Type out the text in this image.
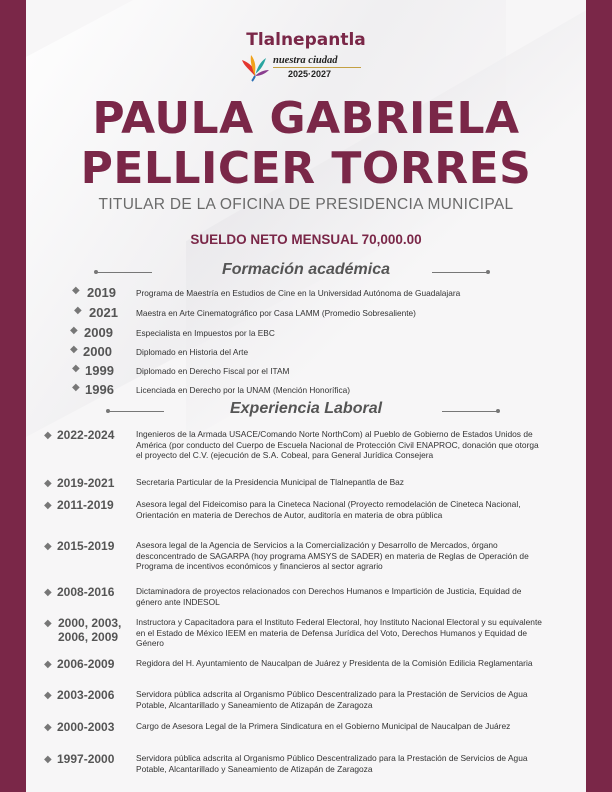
Tlalnepantla
nuestra ciudad
2025·2027
PAULA GABRIELA
PELLICER TORRES
TITULAR DE LA OFICINA DE PRESIDENCIA MUNICIPAL
SUELDO NETO MENSUAL 70,000.00
Formación académica
◆ 2019 Programa de Maestría en Estudios de Cine en la Universidad Autónoma de Guadalajara
◆ 2021 Maestra en Arte Cinematográfico por Casa LAMM (Promedio Sobresaliente)
◆ 2009	Especialista en Impuestos por la EBC
◆ 2000	Diplomado en Historia del Arte
◆ 1999	Diplomado en Derecho Fiscal por el ITAM
◆ 1996	Licenciada en Derecho por la UNAM (Mención Honorífica)
Experiencia Laboral
◆ 2022-2024	Ingenieros de la Armada USACE/Comando Norte NorthCom) al Pueblo de Gobierno de Estados Unidos de América (por conducto del Cuerpo de Escuela Nacional de Protección Civil ENAPROC, donación que otorga el proyecto del C.V. (ejecución de S.A. Cobeal, para General Jurídica Consejera
◆ 2019-2021	Secretaria Particular de la Presidencia Municipal de Tlalnepantla de Baz
◆ 2011-2019	Asesora legal del Fideicomiso para la Cineteca Nacional (Proyecto remodelación de Cineteca Nacional, Orientación en materia de Derechos de Autor, auditoría en materia de obra pública
◆ 2015-2019	Asesora legal de la Agencia de Servicios a la Comercialización y Desarrollo de Mercados, órgano desconcentrado de SAGARPA (hoy programa AMSYS de SADER) en materia de Reglas de Operación de Programa de incentivos económicos y financieros al sector agrario
◆ 2008-2016	Dictaminadora de proyectos relacionados con Derechos Humanos e Impartición de Justicia, Equidad de género ante INDESOL
◆ 2000, 2003, 2006, 2009
Instructora y Capacitadora para el Instituto Federal Electoral, hoy Instituto Nacional Electoral y su equivalente en el Estado de México IEEM en materia de Defensa Jurídica del Voto, Derechos Humanos y Equidad de Género
◆ 2006-2009	Regidora del H. Ayuntamiento de Naucalpan de Juárez y Presidenta de la Comisión Edilicia Reglamentaria
◆ 2003-2006	Servidora pública adscrita al Organismo Público Descentralizado para la Prestación de Servicios de Agua Potable, Alcantarillado y Saneamiento de Atizapán de Zaragoza
◆ 2000-2003	Cargo de Asesora Legal de la Primera Sindicatura en el Gobierno Municipal de Naucalpan de Juárez
◆ 1997-2000	Servidora pública adscrita al Organismo Público Descentralizado para la Prestación de Servicios de Agua Potable, Alcantarillado y Saneamiento de Atizapán de Zaragoza
